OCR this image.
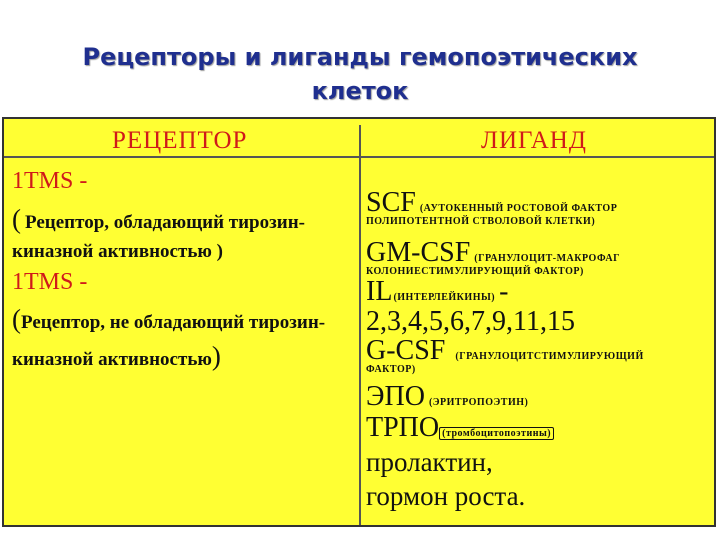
Рецепторы и лиганды гемопоэтических
клеток
РЕЦЕПТОР	ЛИГАНД
1TMS -
( Рецептор, обладающий тирозин-
киназной активностью )
1TMS -
(Рецептор, не обладающий тирозин-
киназной активностью)
SCF (АУТОКЕННЫЙ РОСТОВОЙ ФАКТОР
ПОЛИПОТЕНТНОЙ СТВОЛОВОЙ КЛЕТКИ)
GM-CSF (ГРАНУЛОЦИТ-МАКРОФАГ
КОЛОНИЕСТИМУЛИРУЮЩИЙ ФАКТОР)
IL(ИНТЕРЛЕЙКИНЫ) -
2,3,4,5,6,7,9,11,15
G-CSF (ГРАНУЛОЦИТСТИМУЛИРУЮЩИЙ
ФАКТОР)
ЭПО (ЭРИТРОПОЭТИН)
ТРПО (тромбоцитопоэтины)
пролактин,
гормон роста.
